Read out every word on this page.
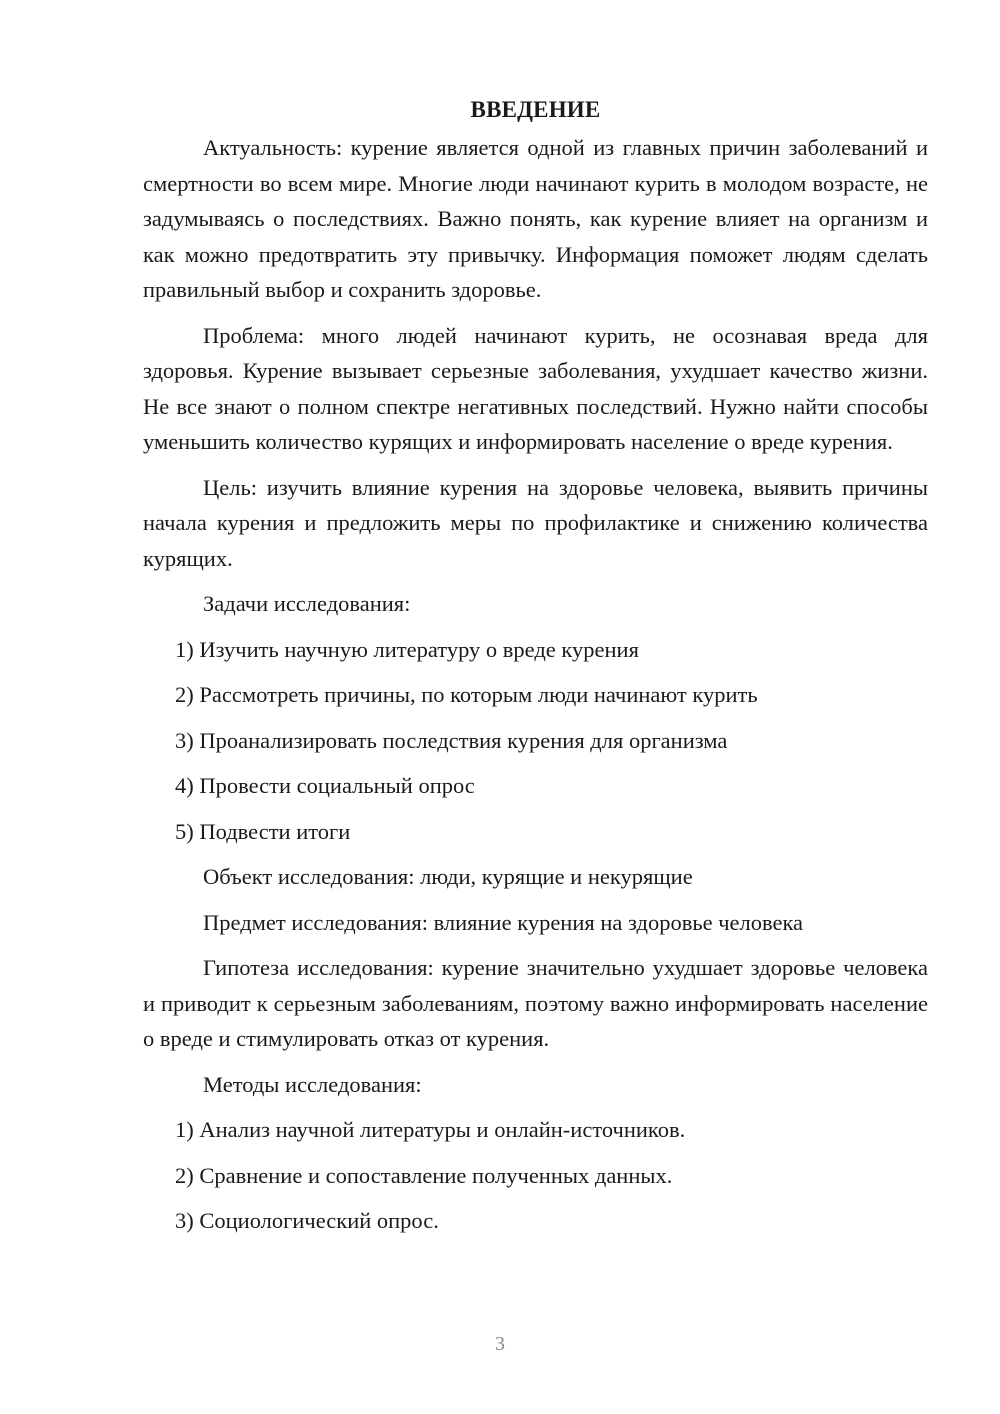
ВВЕДЕНИЕ

Актуальность: курение является одной из главных причин заболеваний и смертности во всем мире. Многие люди начинают курить в молодом возрасте, не задумываясь о последствиях. Важно понять, как курение влияет на организм и как можно предотвратить эту привычку. Информация поможет людям сделать правильный выбор и сохранить здоровье.

Проблема: много людей начинают курить, не осознавая вреда для здоровья. Курение вызывает серьезные заболевания, ухудшает качество жизни. Не все знают о полном спектре негативных последствий. Нужно найти способы уменьшить количество курящих и информировать население о вреде курения.

Цель: изучить влияние курения на здоровье человека, выявить причины начала курения и предложить меры по профилактике и снижению количества курящих.

Задачи исследования:

1) Изучить научную литературу о вреде курения
2) Рассмотреть причины, по которым люди начинают курить
3) Проанализировать последствия курения для организма
4) Провести социальный опрос
5) Подвести итоги

Объект исследования: люди, курящие и некурящие

Предмет исследования: влияние курения на здоровье человека

Гипотеза исследования: курение значительно ухудшает здоровье человека и приводит к серьезным заболеваниям, поэтому важно информировать население о вреде и стимулировать отказ от курения.

Методы исследования:

1) Анализ научной литературы и онлайн-источников.
2) Сравнение и сопоставление полученных данных.
3) Социологический опрос.
3
